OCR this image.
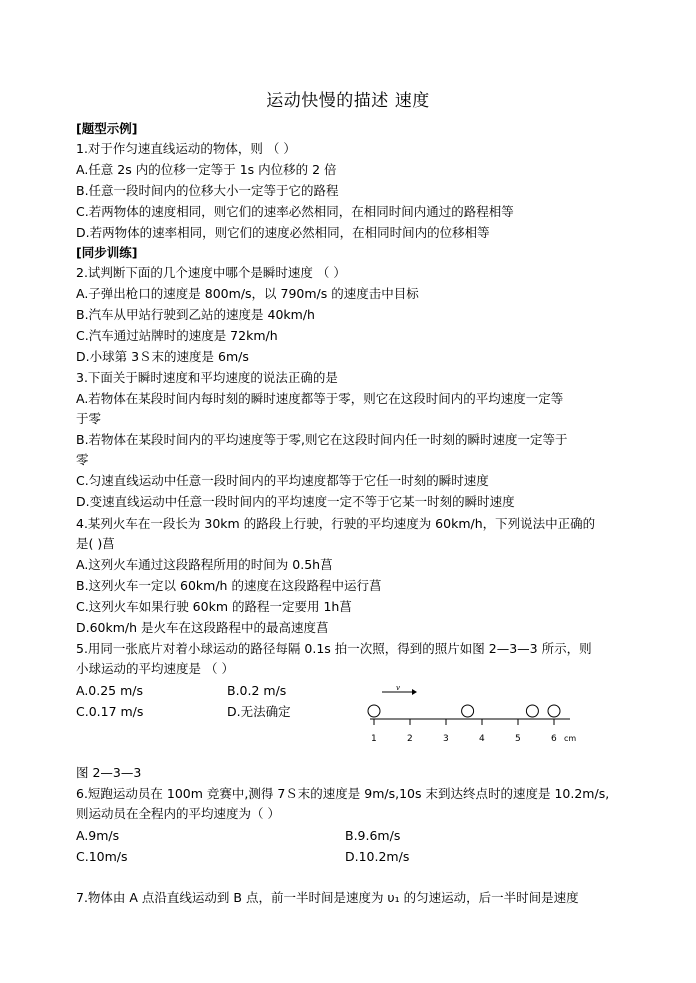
运动快慢的描述 速度
[题型示例]
1.对于作匀速直线运动的物体，则 （ ）
A.任意 2s 内的位移一定等于 1s 内位移的 2 倍
B.任意一段时间内的位移大小一定等于它的路程
C.若两物体的速度相同，则它们的速率必然相同，在相同时间内通过的路程相等
D.若两物体的速率相同，则它们的速度必然相同，在相同时间内的位移相等
[同步训练]
2.试判断下面的几个速度中哪个是瞬时速度 （ ）
A.子弹出枪口的速度是 800m/s，以 790m/s 的速度击中目标
B.汽车从甲站行驶到乙站的速度是 40km/h
C.汽车通过站牌时的速度是 72km/h
D.小球第 3Ｓ末的速度是 6m/s
3.下面关于瞬时速度和平均速度的说法正确的是
A.若物体在某段时间内每时刻的瞬时速度都等于零，则它在这段时间内的平均速度一定等
于零
B.若物体在某段时间内的平均速度等于零,则它在这段时间内任一时刻的瞬时速度一定等于
零
C.匀速直线运动中任意一段时间内的平均速度都等于它任一时刻的瞬时速度
D.变速直线运动中任意一段时间内的平均速度一定不等于它某一时刻的瞬时速度
4.某列火车在一段长为 30km 的路段上行驶，行驶的平均速度为 60km/h，下列说法中正确的
是( )菖
A.这列火车通过这段路程所用的时间为 0.5h菖
B.这列火车一定以 60km/h 的速度在这段路程中运行菖
C.这列火车如果行驶 60km 的路程一定要用 1h菖
D.60km/h 是火车在这段路程中的最高速度菖
5.用同一张底片对着小球运动的路径每隔 0.1s 拍一次照，得到的照片如图 2—3—3 所示，则
小球运动的平均速度是 （ ）
A.0.25 m/s	B.0.2 m/s
C.0.17 m/s	D.无法确定
v
1	2	3	4	5	6 cm
图 2—3—3
6.短跑运动员在 100m 竞赛中,测得 7Ｓ末的速度是 9m/s,10s 末到达终点时的速度是 10.2m/s,
则运动员在全程内的平均速度为（ ）
A.9m/s	B.9.6m/s
C.10m/s	D.10.2m/s
7.物体由 A 点沿直线运动到 B 点，前一半时间是速度为 υ₁ 的匀速运动，后一半时间是速度
